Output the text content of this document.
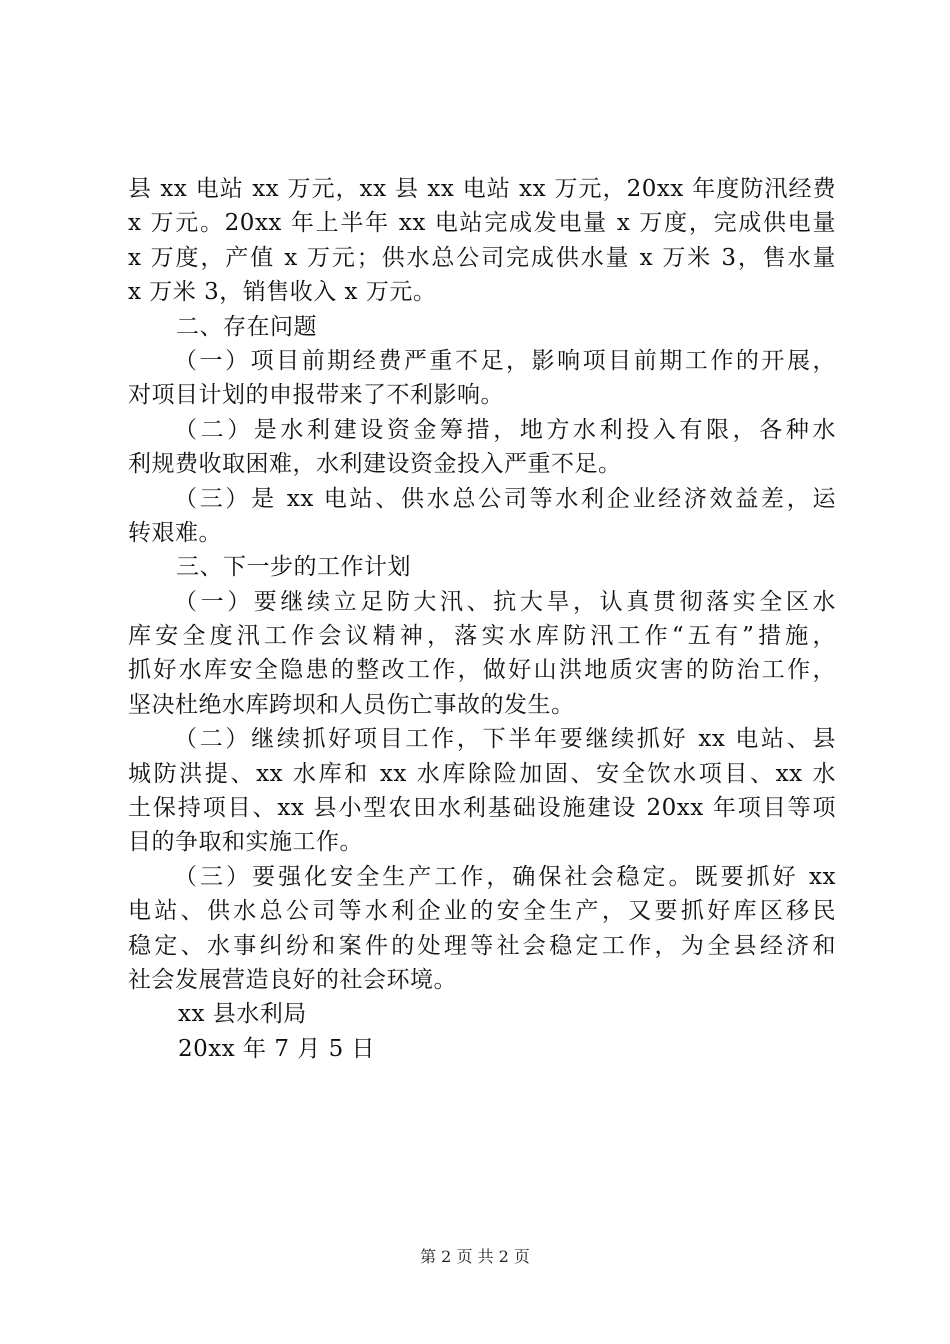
县 xx 电站 xx 万元，xx 县 xx 电站 xx 万元，20xx 年度防汛经费
x 万元。20xx 年上半年 xx 电站完成发电量 x 万度，完成供电量
x 万度，产值 x 万元；供水总公司完成供水量 x 万米 3，售水量
x 万米 3，销售收入 x 万元。
二、存在问题
（一）项目前期经费严重不足，影响项目前期工作的开展，
对项目计划的申报带来了不利影响。
（二）是水利建设资金筹措，地方水利投入有限，各种水
利规费收取困难，水利建设资金投入严重不足。
（三）是 xx 电站、供水总公司等水利企业经济效益差，运
转艰难。
三、下一步的工作计划
（一）要继续立足防大汛、抗大旱，认真贯彻落实全区水
库安全度汛工作会议精神，落实水库防汛工作“五有”措施，
抓好水库安全隐患的整改工作，做好山洪地质灾害的防治工作，
坚决杜绝水库跨坝和人员伤亡事故的发生。
（二）继续抓好项目工作，下半年要继续抓好 xx 电站、县
城防洪提、xx 水库和 xx 水库除险加固、安全饮水项目、xx 水
土保持项目、xx 县小型农田水利基础设施建设 20xx 年项目等项
目的争取和实施工作。
（三）要强化安全生产工作，确保社会稳定。既要抓好 xx
电站、供水总公司等水利企业的安全生产，又要抓好库区移民
稳定、水事纠纷和案件的处理等社会稳定工作，为全县经济和
社会发展营造良好的社会环境。
xx 县水利局
20xx 年 7 月 5 日
第 2 页 共 2 页
